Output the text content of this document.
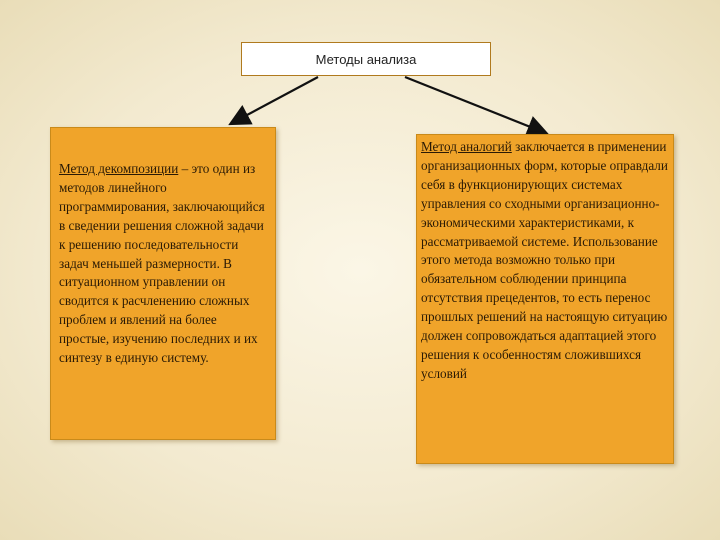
Методы анализа
Метод декомпозиции – это один из методов линейного программирования, заключающийся в сведении решения сложной задачи к решению последовательности задач меньшей размерности. В ситуационном управлении он сводится к расчленению сложных проблем и явлений на более простые, изучению последних и их синтезу в единую систему.
Метод аналогий заключается в применении организационных форм, которые оправдали себя в функционирующих системах управления со сходными организационно-экономическими характеристиками, к рассматриваемой системе. Использование этого метода возможно только при обязательном соблюдении принципа отсутствия прецедентов, то есть перенос прошлых решений на настоящую ситуацию должен сопровождаться адаптацией этого решения к особенностям сложившихся условий
